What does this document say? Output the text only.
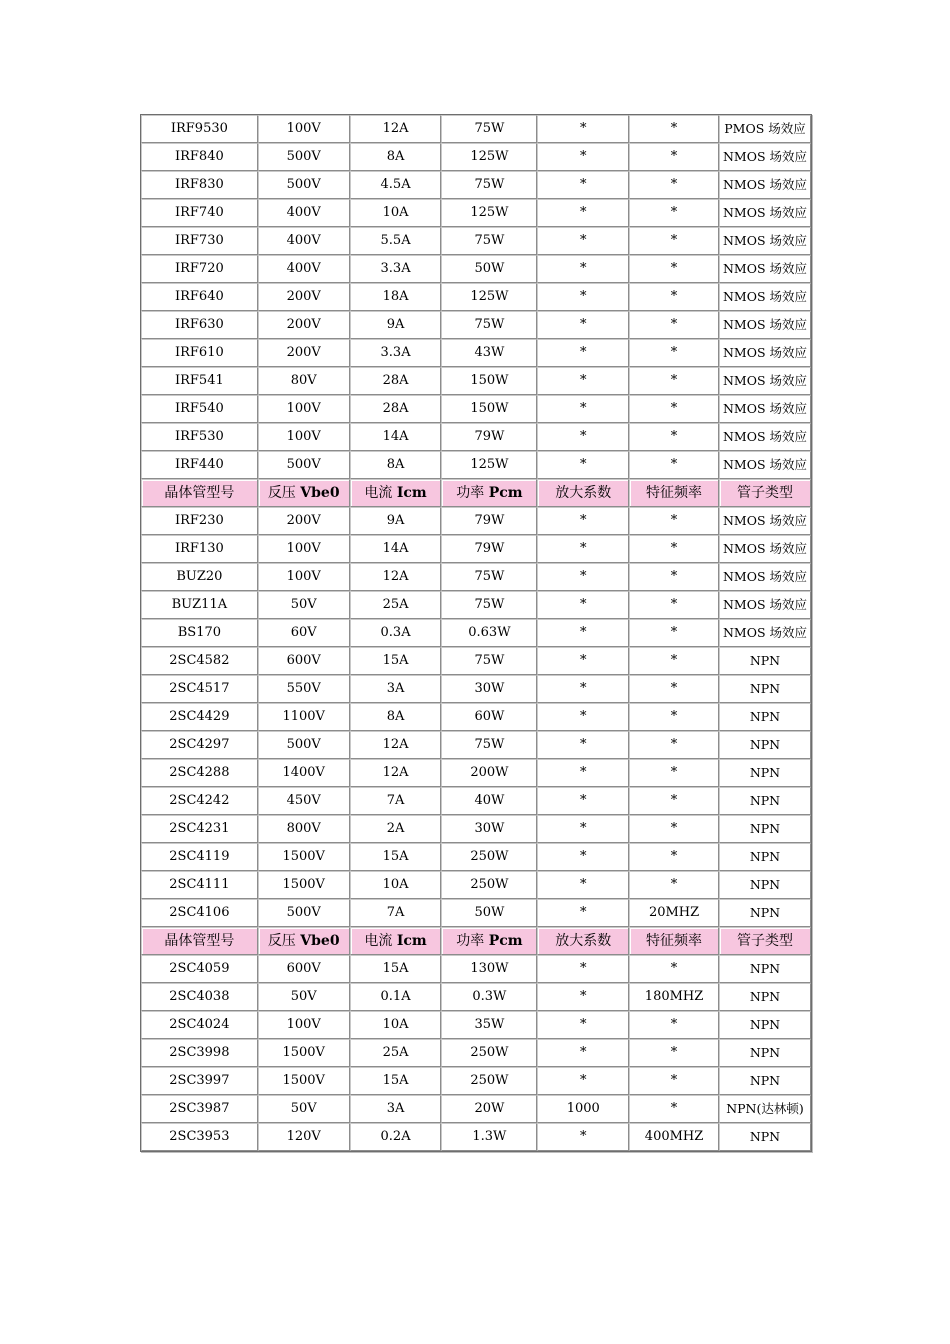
IRF9530	100V	12A	75W	*	*	PMOS 场效应
IRF840	500V	8A	125W	*	*	NMOS 场效应
IRF830	500V	4.5A	75W	*	*	NMOS 场效应
IRF740	400V	10A	125W	*	*	NMOS 场效应
IRF730	400V	5.5A	75W	*	*	NMOS 场效应
IRF720	400V	3.3A	50W	*	*	NMOS 场效应
IRF640	200V	18A	125W	*	*	NMOS 场效应
IRF630	200V	9A	75W	*	*	NMOS 场效应
IRF610	200V	3.3A	43W	*	*	NMOS 场效应
IRF541	80V	28A	150W	*	*	NMOS 场效应
IRF540	100V	28A	150W	*	*	NMOS 场效应
IRF530	100V	14A	79W	*	*	NMOS 场效应
IRF440	500V	8A	125W	*	*	NMOS 场效应
晶体管型号	反压 Vbe0	电流 Icm	功率 Pcm	放大系数	特征频率	管子类型
IRF230	200V	9A	79W	*	*	NMOS 场效应
IRF130	100V	14A	79W	*	*	NMOS 场效应
BUZ20	100V	12A	75W	*	*	NMOS 场效应
BUZ11A	50V	25A	75W	*	*	NMOS 场效应
BS170	60V	0.3A	0.63W	*	*	NMOS 场效应
2SC4582	600V	15A	75W	*	*	NPN
2SC4517	550V	3A	30W	*	*	NPN
2SC4429	1100V	8A	60W	*	*	NPN
2SC4297	500V	12A	75W	*	*	NPN
2SC4288	1400V	12A	200W	*	*	NPN
2SC4242	450V	7A	40W	*	*	NPN
2SC4231	800V	2A	30W	*	*	NPN
2SC4119	1500V	15A	250W	*	*	NPN
2SC4111	1500V	10A	250W	*	*	NPN
2SC4106	500V	7A	50W	*	20MHZ	NPN
晶体管型号	反压 Vbe0	电流 Icm	功率 Pcm	放大系数	特征频率	管子类型
2SC4059	600V	15A	130W	*	*	NPN
2SC4038	50V	0.1A	0.3W	*	180MHZ	NPN
2SC4024	100V	10A	35W	*	*	NPN
2SC3998	1500V	25A	250W	*	*	NPN
2SC3997	1500V	15A	250W	*	*	NPN
2SC3987	50V	3A	20W	1000	*	NPN(达林顿)
2SC3953	120V	0.2A	1.3W	*	400MHZ	NPN
